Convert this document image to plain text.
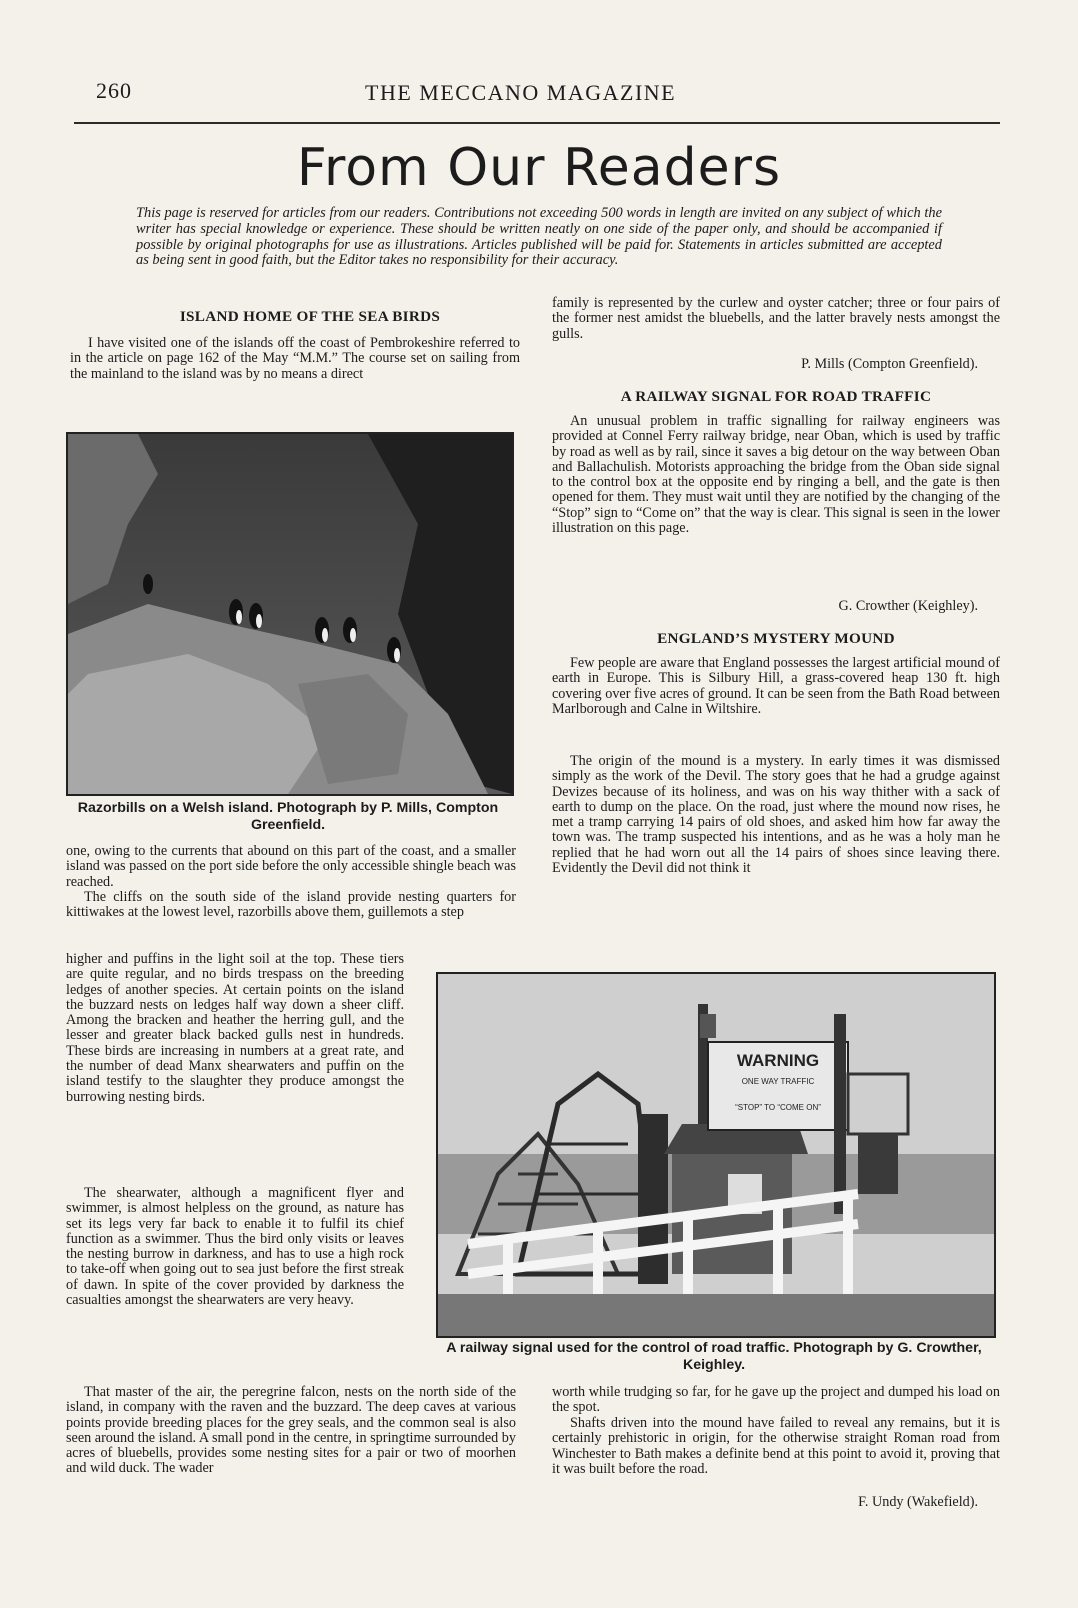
260	THE MECCANO MAGAZINE
From Our Readers
This page is reserved for articles from our readers. Contributions not exceeding 500 words in length are invited on any subject of which the writer has special knowledge or experience. These should be written neatly on one side of the paper only, and should be accompanied if possible by original photographs for use as illustrations. Articles published will be paid for. Statements in articles submitted are accepted as being sent in good faith, but the Editor takes no responsibility for their accuracy.
ISLAND HOME OF THE SEA BIRDS
I have visited one of the islands off the coast of Pembrokeshire referred to in the article on page 162 of the May “M.M.” The course set on sailing from the mainland to the island was by no means a direct
Razorbills on a Welsh island. Photograph by P. Mills, Compton Greenfield.
one, owing to the currents that abound on this part of the coast, and a smaller island was passed on the port side before the only accessible shingle beach was reached.
The cliffs on the south side of the island provide nesting quarters for kittiwakes at the lowest level, razorbills above them, guillemots a step
higher and puffins in the light soil at the top. These tiers are quite regular, and no birds trespass on the breeding ledges of another species. At certain points on the island the buzzard nests on ledges half way down a sheer cliff. Among the bracken and heather the herring gull, and the lesser and greater black backed gulls nest in hundreds. These birds are increasing in numbers at a great rate, and the number of dead Manx shearwaters and puffin on the island testify to the slaughter they produce amongst the burrowing nesting birds.
The shearwater, although a magnificent flyer and swimmer, is almost helpless on the ground, as nature has set its legs very far back to enable it to fulfil its chief function as a swimmer. Thus the bird only visits or leaves the nesting burrow in darkness, and has to use a high rock to take-off when going out to sea just before the first streak of dawn. In spite of the cover provided by darkness the casualties amongst the shearwaters are very heavy.
That master of the air, the peregrine falcon, nests on the north side of the island, in company with the raven and the buzzard. The deep caves at various points provide breeding places for the grey seals, and the common seal is also seen around the island. A small pond in the centre, in springtime surrounded by acres of bluebells, provides some nesting sites for a pair or two of moorhen and wild duck. The wader
family is represented by the curlew and oyster catcher; three or four pairs of the former nest amidst the bluebells, and the latter bravely nests amongst the gulls.
P. Mills (Compton Greenfield).
A RAILWAY SIGNAL FOR ROAD TRAFFIC
An unusual problem in traffic signalling for railway engineers was provided at Connel Ferry railway bridge, near Oban, which is used by traffic by road as well as by rail, since it saves a big detour on the way between Oban and Ballachulish. Motorists approaching the bridge from the Oban side signal to the control box at the opposite end by ringing a bell, and the gate is then opened for them. They must wait until they are notified by the changing of the “Stop” sign to “Come on” that the way is clear. This signal is seen in the lower illustration on this page.
G. Crowther (Keighley).
ENGLAND’S MYSTERY MOUND
Few people are aware that England possesses the largest artificial mound of earth in Europe. This is Silbury Hill, a grass-covered heap 130 ft. high covering over five acres of ground. It can be seen from the Bath Road between Marlborough and Calne in Wiltshire.
The origin of the mound is a mystery. In early times it was dismissed simply as the work of the Devil. The story goes that he had a grudge against Devizes because of its holiness, and was on his way thither with a sack of earth to dump on the place. On the road, just where the mound now rises, he met a tramp carrying 14 pairs of old shoes, and asked him how far away the town was. The tramp suspected his intentions, and as he was a holy man he replied that he had worn out all the 14 pairs of shoes since leaving there. Evidently the Devil did not think it
WARNING
ONE WAY TRAFFIC
“STOP” TO “COME ON”
A railway signal used for the control of road traffic. Photograph by G. Crowther, Keighley.
worth while trudging so far, for he gave up the project and dumped his load on the spot.
Shafts driven into the mound have failed to reveal any remains, but it is certainly prehistoric in origin, for the otherwise straight Roman road from Winchester to Bath makes a definite bend at this point to avoid it, proving that it was built before the road.
F. Undy (Wakefield).
